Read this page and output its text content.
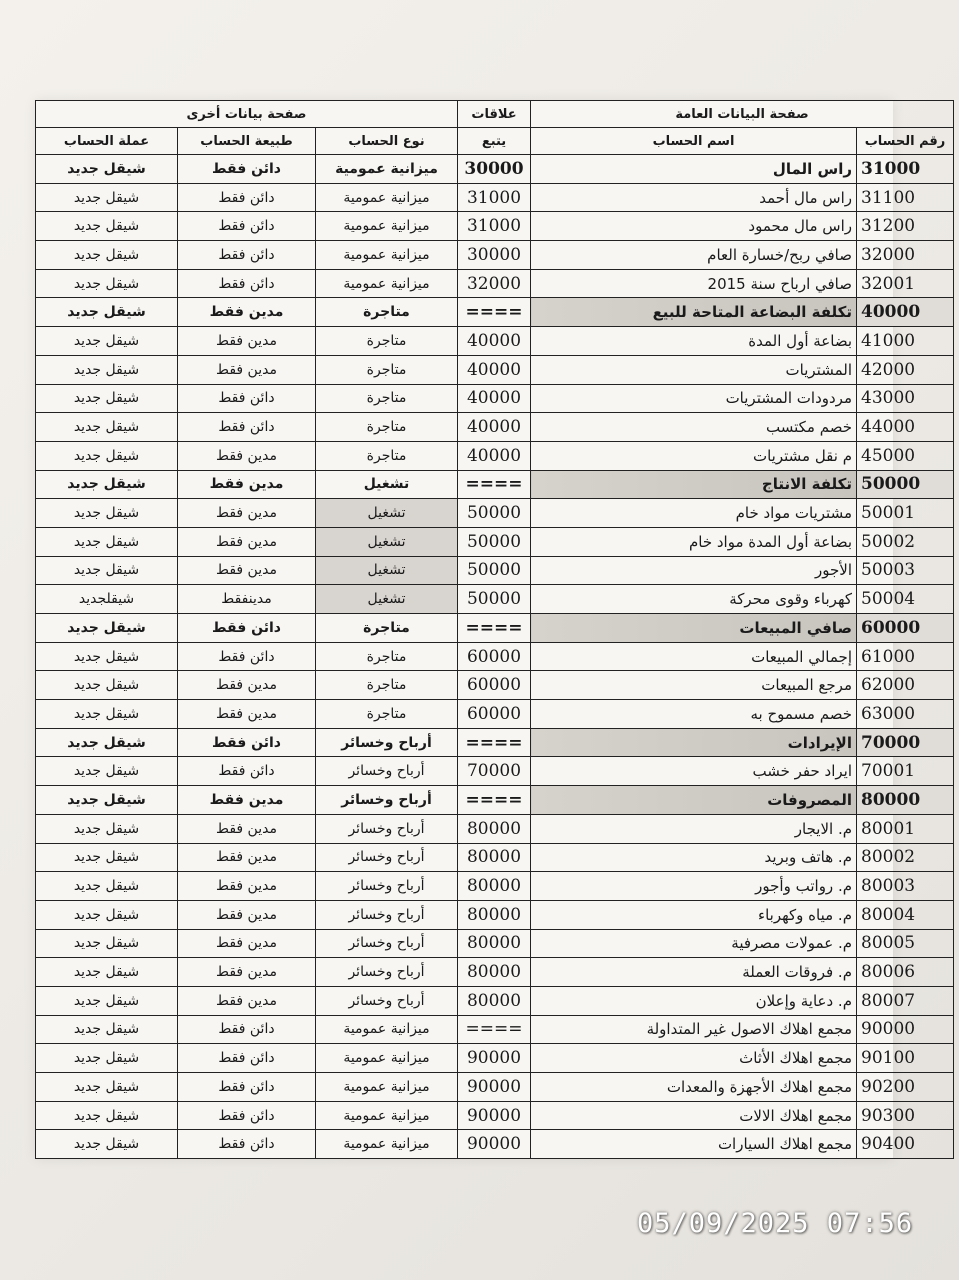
صفحة البيانات العامة		علاقات	صفحة بيانات أخرى		
رقم الحساب	اسم الحساب	يتبع	نوع الحساب	طبيعة الحساب	عملة الحساب
31000	راس المال	30000	ميزانية عمومية	دائن فقط	شيقل جديد
31100	راس مال أحمد	31000	ميزانية عمومية	دائن فقط	شيقل جديد
31200	راس مال محمود	31000	ميزانية عمومية	دائن فقط	شيقل جديد
32000	صافي ربح/خسارة العام	30000	ميزانية عمومية	دائن فقط	شيقل جديد
32001	صافي ارباح سنة 2015	32000	ميزانية عمومية	دائن فقط	شيقل جديد
40000	تكلفة البضاعة المتاحة للبيع	====	متاجرة	مدين فقط	شيقل جديد
41000	بضاعة أول المدة	40000	متاجرة	مدين فقط	شيقل جديد
42000	المشتريات	40000	متاجرة	مدين فقط	شيقل جديد
43000	مردودات المشتريات	40000	متاجرة	دائن فقط	شيقل جديد
44000	خصم مكتسب	40000	متاجرة	دائن فقط	شيقل جديد
45000	م نقل مشتريات	40000	متاجرة	مدين فقط	شيقل جديد
50000	تكلفة الانتاج	====	تشغيل	مدين فقط	شيقل جديد
50001	مشتريات مواد خام	50000	تشغيل	مدين فقط	شيقل جديد
50002	بضاعة أول المدة مواد خام	50000	تشغيل	مدين فقط	شيقل جديد
50003	الأجور	50000	تشغيل	مدين فقط	شيقل جديد
50004	كهرباء وقوى محركة	50000	تشغيل	مدينفقط	شيقلجديد
60000	صافي المبيعات	====	متاجرة	دائن فقط	شيقل جديد
61000	إجمالي المبيعات	60000	متاجرة	دائن فقط	شيقل جديد
62000	مرجع المبيعات	60000	متاجرة	مدين فقط	شيقل جديد
63000	خصم مسموح به	60000	متاجرة	مدين فقط	شيقل جديد
70000	الإيرادات	====	أرباح وخسائر	دائن فقط	شيقل جديد
70001	ايراد حفر خشب	70000	أرباح وخسائر	دائن فقط	شيقل جديد
80000	المصروفات	====	أرباح وخسائر	مدين فقط	شيقل جديد
80001	م. الايجار	80000	أرباح وخسائر	مدين فقط	شيقل جديد
80002	م. هاتف وبريد	80000	أرباح وخسائر	مدين فقط	شيقل جديد
80003	م. رواتب وأجور	80000	أرباح وخسائر	مدين فقط	شيقل جديد
80004	م. مياه وكهرباء	80000	أرباح وخسائر	مدين فقط	شيقل جديد
80005	م. عمولات مصرفية	80000	أرباح وخسائر	مدين فقط	شيقل جديد
80006	م. فروقات العملة	80000	أرباح وخسائر	مدين فقط	شيقل جديد
80007	م. دعاية وإعلان	80000	أرباح وخسائر	مدين فقط	شيقل جديد
90000	مجمع اهلاك الاصول غير المتداولة	====	ميزانية عمومية	دائن فقط	شيقل جديد
90100	مجمع اهلاك الأثاث	90000	ميزانية عمومية	دائن فقط	شيقل جديد
90200	مجمع اهلاك الأجهزة والمعدات	90000	ميزانية عمومية	دائن فقط	شيقل جديد
90300	مجمع اهلاك الالات	90000	ميزانية عمومية	دائن فقط	شيقل جديد
90400	مجمع اهلاك السيارات	90000	ميزانية عمومية	دائن فقط	شيقل جديد
05/09/2025 07:56
